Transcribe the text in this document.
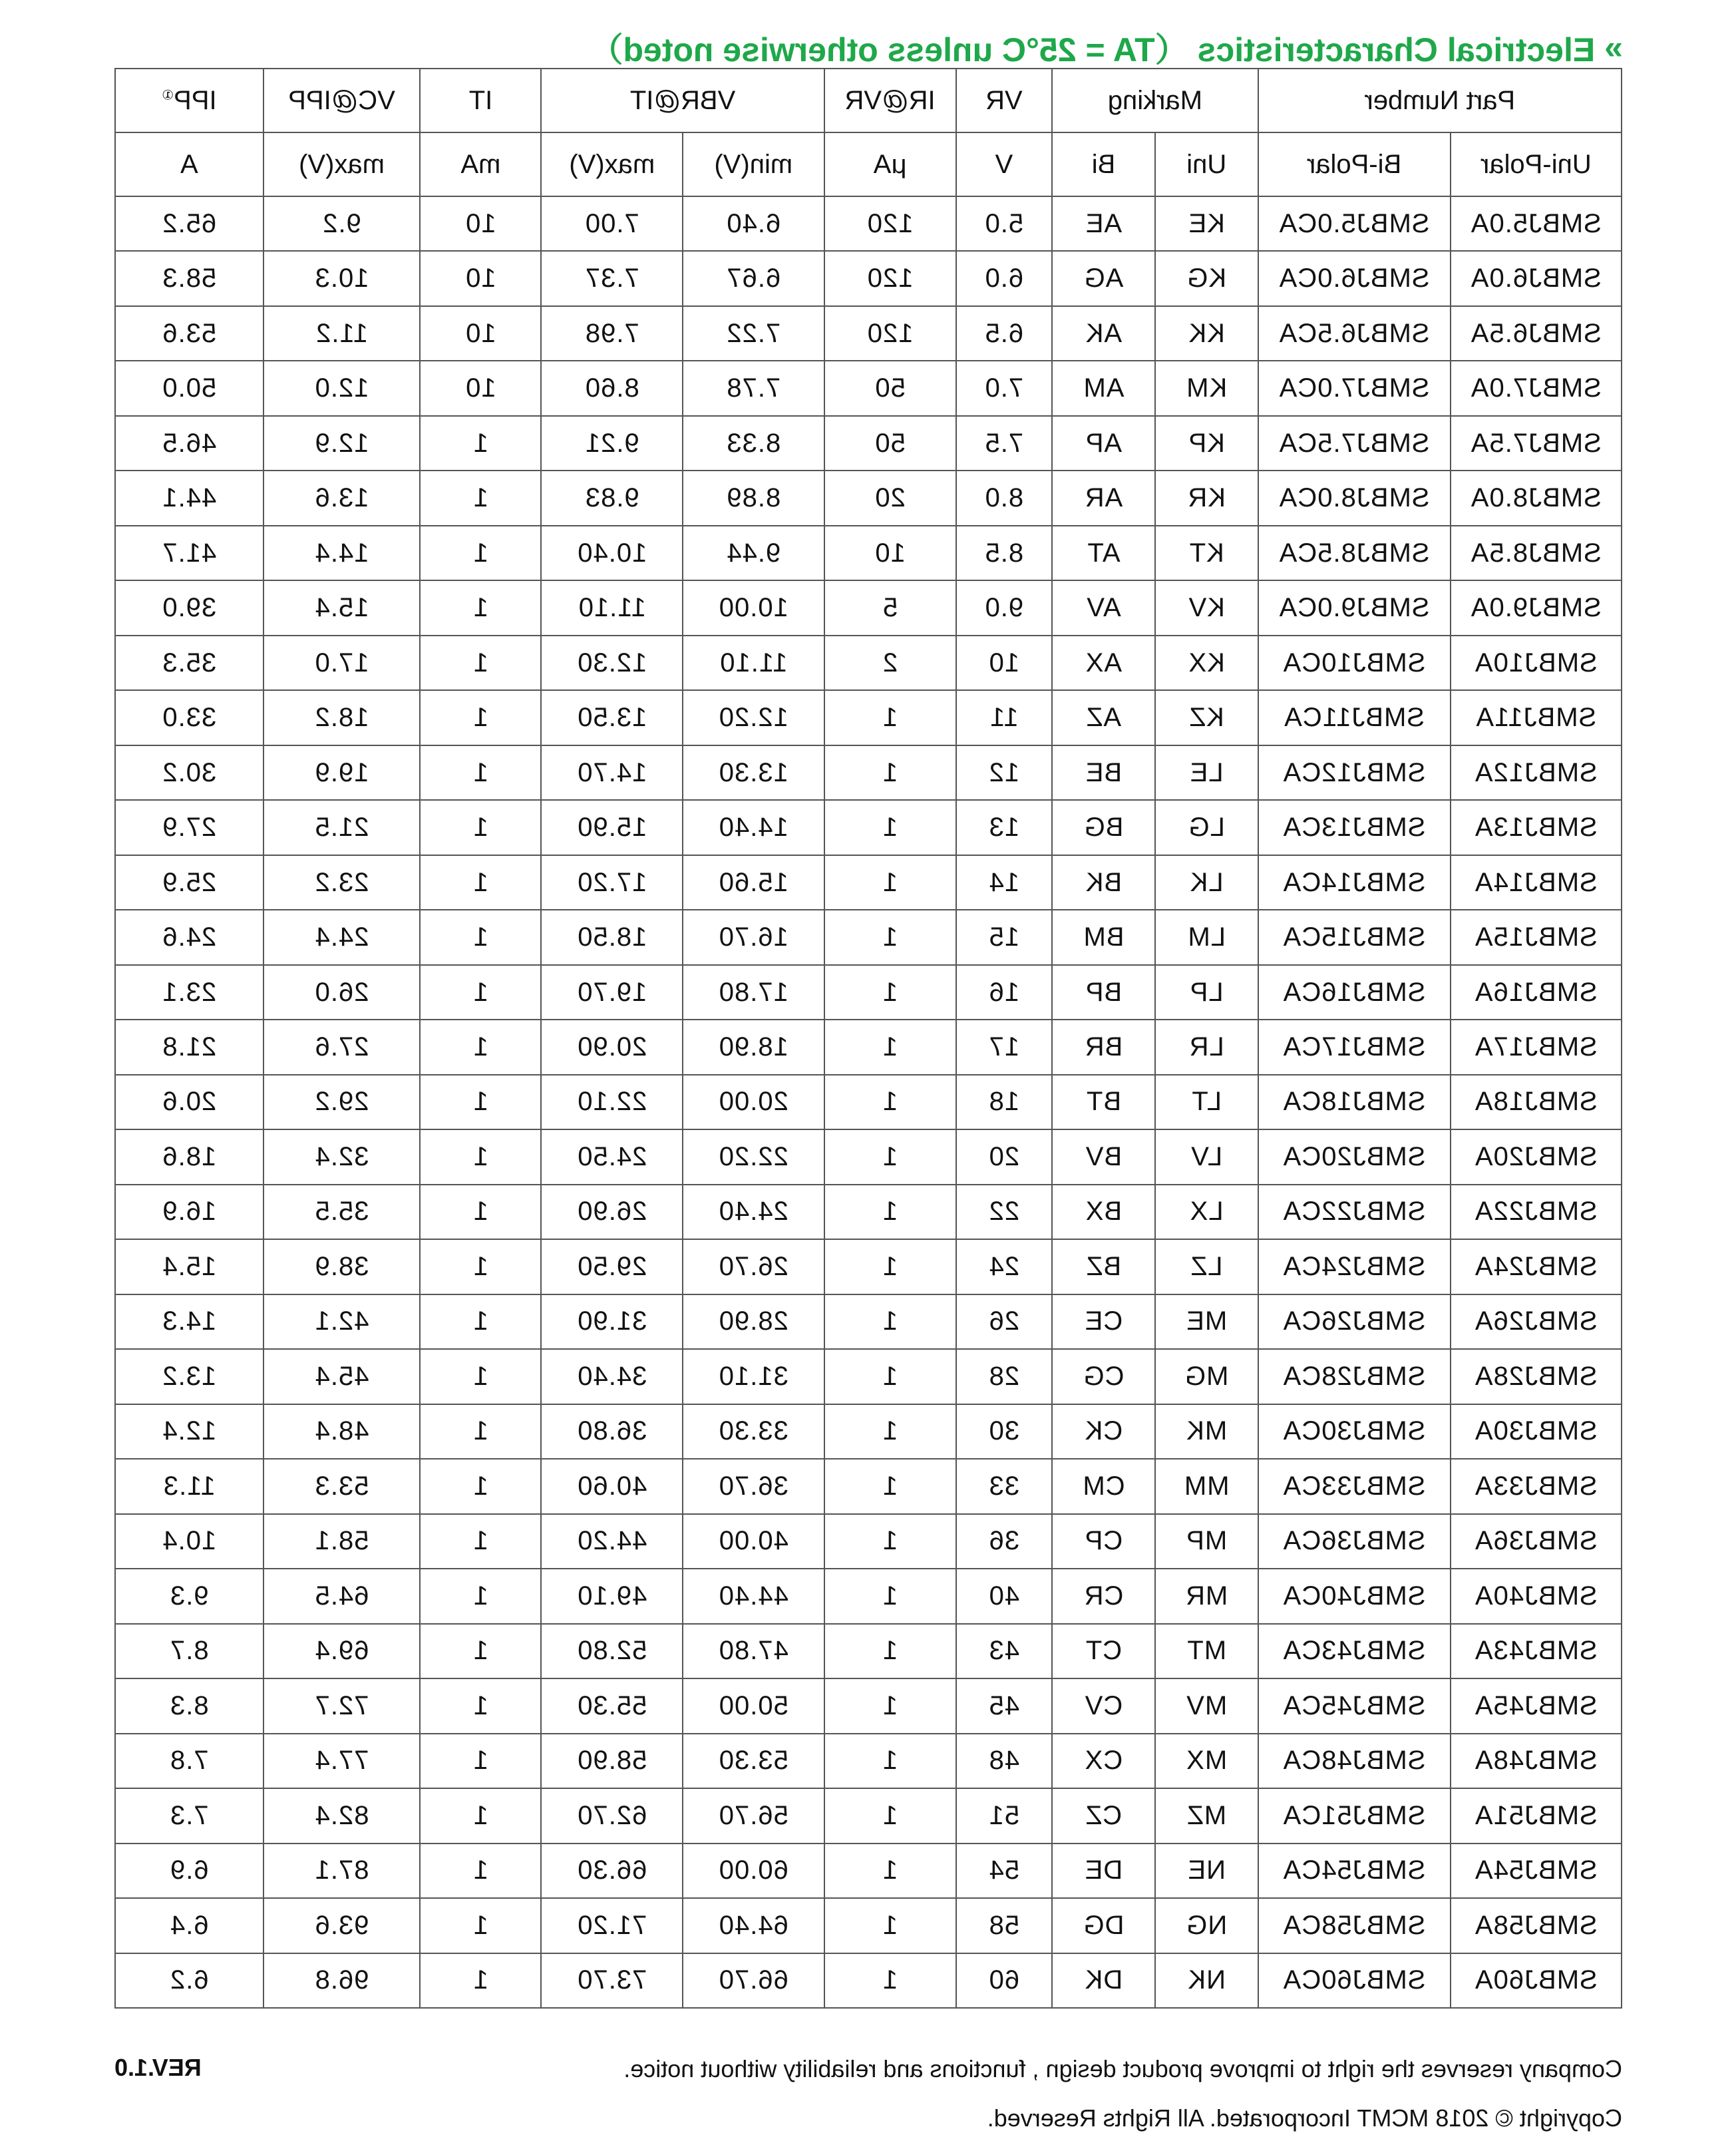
»
Electrical Characteristics （TA = 25°C unless otherwise noted）
Part Number		Marking		VR	IR@VR	VBR@IT		IT	VC@IPP	IPP①
Uni-Polar	Bi-Polar	Uni	Bi	V	μA	min(V)	max(V)	mA	max(V)	A
SMBJ5.0A	SMBJ5.0CA	KE	AE	5.0	120	6.40	7.00	10	9.2	65.2
SMBJ6.0A	SMBJ6.0CA	KG	AG	6.0	120	6.67	7.37	10	10.3	58.3
SMBJ6.5A	SMBJ6.5CA	KK	AK	6.5	120	7.22	7.98	10	11.2	53.6
SMBJ7.0A	SMBJ7.0CA	KM	AM	7.0	50	7.78	8.60	10	12.0	50.0
SMBJ7.5A	SMBJ7.5CA	KP	AP	7.5	50	8.33	9.21	1	12.9	46.5
SMBJ8.0A	SMBJ8.0CA	KR	AR	8.0	20	8.89	9.83	1	13.6	44.1
SMBJ8.5A	SMBJ8.5CA	KT	AT	8.5	10	9.44	10.40	1	14.4	41.7
SMBJ9.0A	SMBJ9.0CA	KV	AV	9.0	5	10.00	11.10	1	15.4	39.0
SMBJ10A	SMBJ10CA	KX	AX	10	2	11.10	12.30	1	17.0	35.3
SMBJ11A	SMBJ11CA	KZ	AZ	11	1	12.20	13.50	1	18.2	33.0
SMBJ12A	SMBJ12CA	LE	BE	12	1	13.30	14.70	1	19.9	30.2
SMBJ13A	SMBJ13CA	LG	BG	13	1	14.40	15.90	1	21.5	27.9
SMBJ14A	SMBJ14CA	LK	BK	14	1	15.60	17.20	1	23.2	25.9
SMBJ15A	SMBJ15CA	LM	BM	15	1	16.70	18.50	1	24.4	24.6
SMBJ16A	SMBJ16CA	LP	BP	16	1	17.80	19.70	1	26.0	23.1
SMBJ17A	SMBJ17CA	LR	BR	17	1	18.90	20.90	1	27.6	21.8
SMBJ18A	SMBJ18CA	LT	BT	18	1	20.00	22.10	1	29.2	20.6
SMBJ20A	SMBJ20CA	LV	BV	20	1	22.20	24.50	1	32.4	18.6
SMBJ22A	SMBJ22CA	LX	BX	22	1	24.40	26.90	1	35.5	16.9
SMBJ24A	SMBJ24CA	LZ	BZ	24	1	26.70	29.50	1	38.9	15.4
SMBJ26A	SMBJ26CA	ME	CE	26	1	28.90	31.90	1	42.1	14.3
SMBJ28A	SMBJ28CA	MG	CG	28	1	31.10	34.40	1	45.4	13.2
SMBJ30A	SMBJ30CA	MK	CK	30	1	33.30	36.80	1	48.4	12.4
SMBJ33A	SMBJ33CA	MM	CM	33	1	36.70	40.60	1	53.3	11.3
SMBJ36A	SMBJ36CA	MP	CP	36	1	40.00	44.20	1	58.1	10.4
SMBJ40A	SMBJ40CA	MR	CR	40	1	44.40	49.10	1	64.5	9.3
SMBJ43A	SMBJ43CA	MT	CT	43	1	47.80	52.80	1	69.4	8.7
SMBJ45A	SMBJ45CA	MV	CV	45	1	50.00	55.30	1	72.7	8.3
SMBJ48A	SMBJ48CA	MX	CX	48	1	53.30	58.90	1	77.4	7.8
SMBJ51A	SMBJ51CA	MZ	CZ	51	1	56.70	62.70	1	82.4	7.3
SMBJ54A	SMBJ54CA	NE	DE	54	1	60.00	66.30	1	87.1	6.9
SMBJ58A	SMBJ58CA	NG	DG	58	1	64.40	71.20	1	93.6	6.4
SMBJ60A	SMBJ60CA	NK	DK	60	1	66.70	73.70	1	96.8	6.2
Company reserves the right to improve product design , functions and reliability without notice.
REV.1.0
Copyright © 2018 MCMT Incorporated. All Rights Reserved.
